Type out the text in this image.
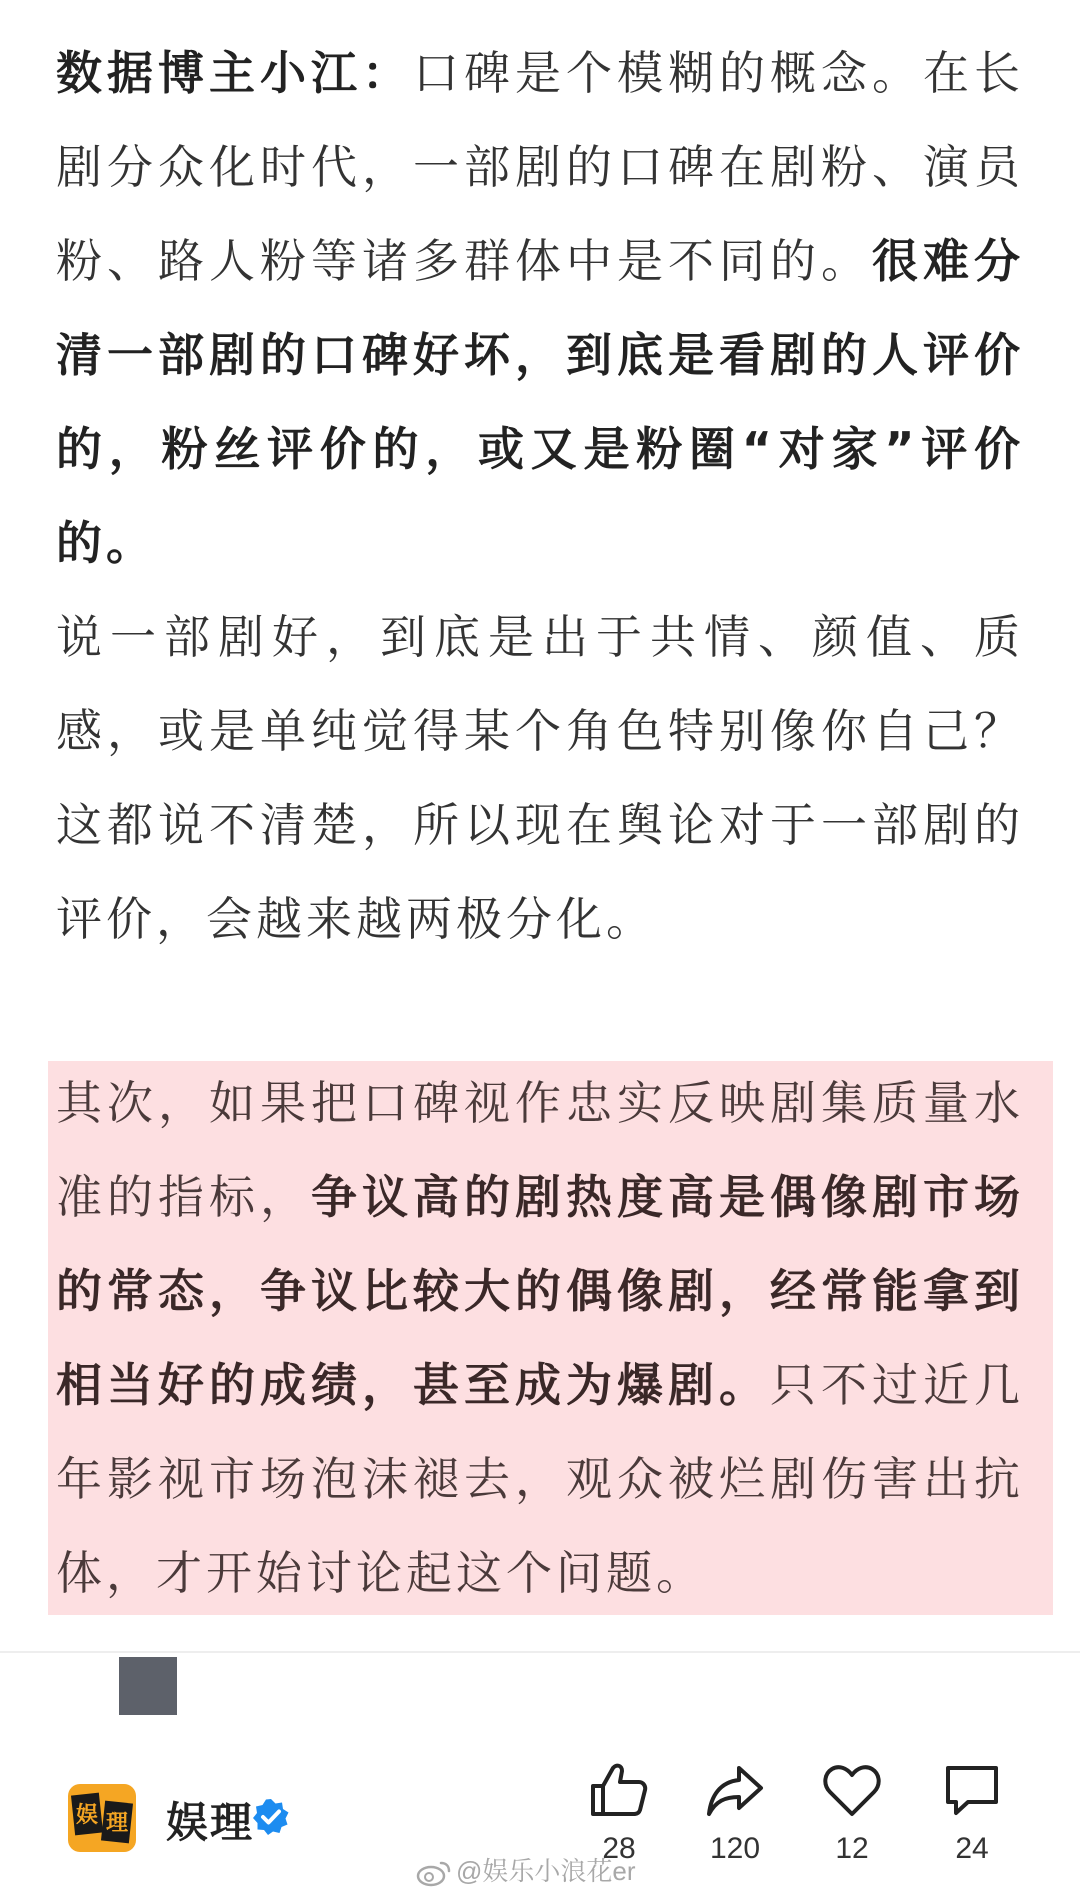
数据博主小江：口碑是个模糊的概念。在长剧分众化时代，一部剧的口碑在剧粉、演员粉、路人粉等诸多群体中是不同的。很难分清一部剧的口碑好坏，到底是看剧的人评价的，粉丝评价的，或又是粉圈“对家”评价的。
说一部剧好，到底是出于共情、颜值、质感，或是单纯觉得某个角色特别像你自己？这都说不清楚，所以现在舆论对于一部剧的评价，会越来越两极分化。
其次，如果把口碑视作忠实反映剧集质量水准的指标，争议高的剧热度高是偶像剧市场的常态，争议比较大的偶像剧，经常能拿到相当好的成绩，甚至成为爆剧。只不过近几年影视市场泡沫褪去，观众被烂剧伤害出抗体，才开始讨论起这个问题。
娱 理 娱理
28	120	12	24
@娱乐小浪花er
